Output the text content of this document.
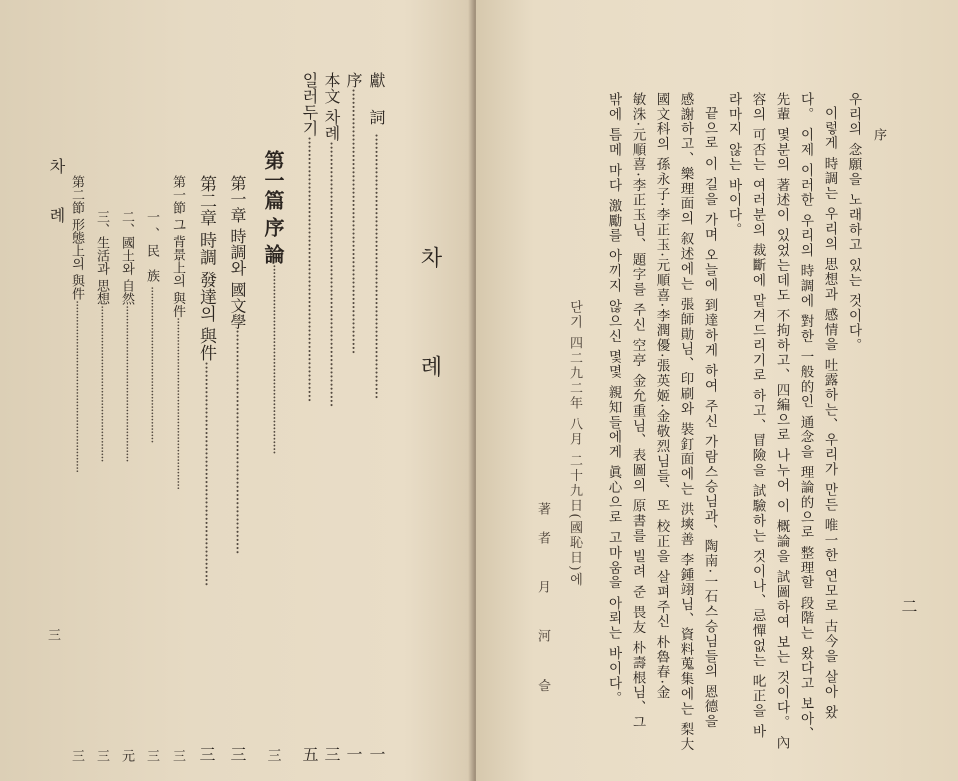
차 례
三
차 례
獻 詞
·································································
一
序
·································································
一
本文 차례
·································································
三
일러두기
·································································
五
第一篇 序 論
·······················································
三
第一章 時調와 國文學
·······················································
三
第二章 時調 發達의 與件
·······················································
三
第一節 그 背景上의 與件
·······················································
三
一、民 族
··················································
三
二、國土와 自然
··················································
元
三、生活과 思想
··················································
三
第二節 形態上의 與件
·······················································
三
序
二
우리의 念願을 노래하고 있는 것이다。
이렇게 時調는 우리의 思想과 感情을 吐露하는、우리가 만든 唯一한 연모로 古今을 살아 왔
다。 이제 이러한 우리의 時調에 對한 一般的인 通念을 理論的으로 整理할 段階는 왔다고 보아、
先輩 몇분의 著述이 있었는데도 不拘하고、四編으로 나누어 이 概論을 試圖하여 보는 것이다。 內
容의 可否는 여러분의 裁斷에 맡겨드리기로 하고、冒險을 試驗하는 것이나、忌憚없는 叱正을 바
라마지 않는 바이다。
끝으로 이 길을 가며 오늘에 到達하게 하여 주신 가람스승님과、陶南·一石스승님들의 恩德을
感謝하고、樂理面의 叙述에는 張師勛님、印刷와 裝釘面에는 洪塽善 李鍾翊님、資料蒐集에는 梨大
國文科의 孫永子·李正玉·元順喜·李潤優·張英姬·金敬烈님들、또 校正을 살펴주신 朴魯春·金
敏洙·元順喜·李正玉님、題字를 주신 空亭 金允重님、表圖의 原書를 빌려 준 畏友 朴壽根님、그
밖에 틈메 마다 激勵를 아끼지 않으신 몇몇 親知들에게 眞心으로 고마움을 아뢰는 바이다。
단기 四二九二年 八月 二十九日(國恥日)에
著者 月 河 슬
